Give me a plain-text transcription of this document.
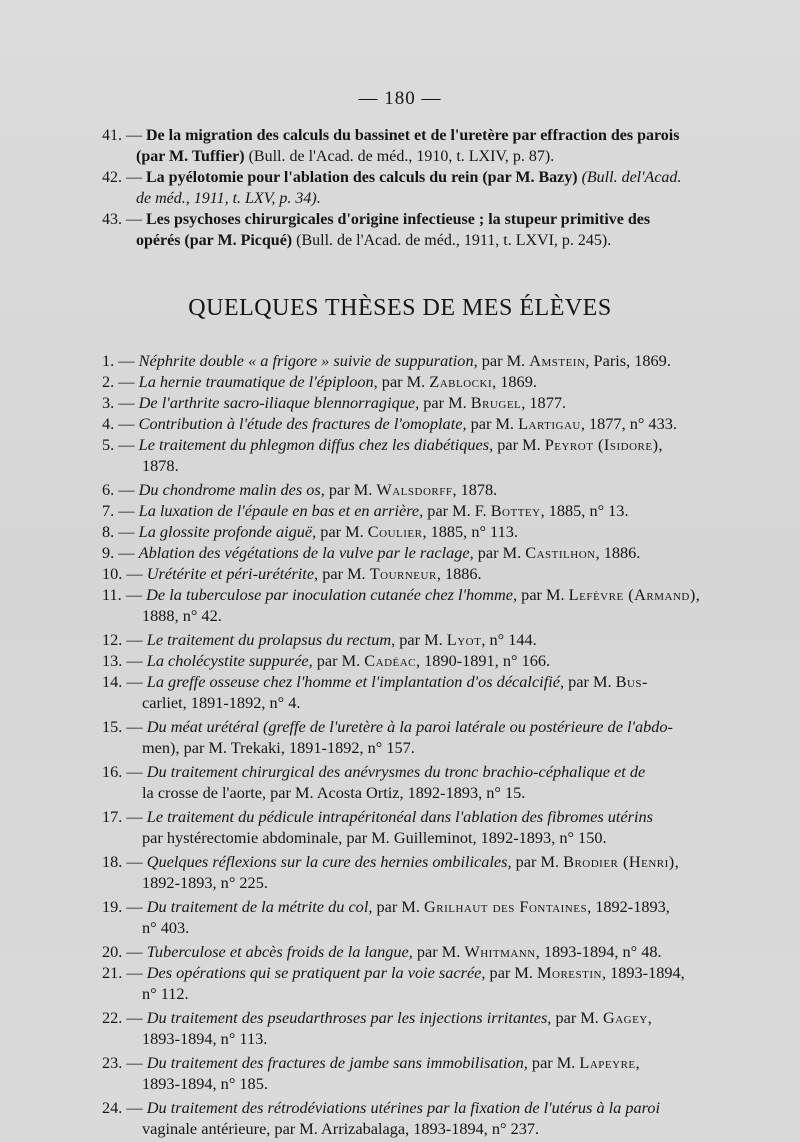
— 180 —
41. — De la migration des calculs du bassinet et de l'uretère par effraction des parois
(par M. Tuffier) (Bull. de l'Acad. de méd., 1910, t. LXIV, p. 87).
42. — La pyélotomie pour l'ablation des calculs du rein (par M. Bazy) (Bull. del'Acad.
de méd., 1911, t. LXV, p. 34).
43. — Les psychoses chirurgicales d'origine infectieuse ; la stupeur primitive des
opérés (par M. Picqué) (Bull. de l'Acad. de méd., 1911, t. LXVI, p. 245).
QUELQUES THÈSES DE MES ÉLÈVES
1. — Néphrite double « a frigore » suivie de suppuration, par M. Amstein, Paris, 1869.
2. — La hernie traumatique de l'épiploon, par M. Zablocki, 1869.
3. — De l'arthrite sacro-iliaque blennorragique, par M. Brugel, 1877.
4. — Contribution à l'étude des fractures de l'omoplate, par M. Lartigau, 1877, n° 433.
5. — Le traitement du phlegmon diffus chez les diabétiques, par M. Peyrot (Isidore),
1878.
6. — Du chondrome malin des os, par M. Walsdorff, 1878.
7. — La luxation de l'épaule en bas et en arrière, par M. F. Bottey, 1885, n° 13.
8. — La glossite profonde aiguë, par M. Coulier, 1885, n° 113.
9. — Ablation des végétations de la vulve par le raclage, par M. Castilhon, 1886.
10. — Urétérite et péri-urétérite, par M. Tourneur, 1886.
11. — De la tuberculose par inoculation cutanée chez l'homme, par M. Lefèvre (Armand),
1888, n° 42.
12. — Le traitement du prolapsus du rectum, par M. Lyot, n° 144.
13. — La cholécystite suppurée, par M. Cadéac, 1890-1891, n° 166.
14. — La greffe osseuse chez l'homme et l'implantation d'os décalcifié, par M. Bus-
carliet, 1891-1892, n° 4.
15. — Du méat urétéral (greffe de l'uretère à la paroi latérale ou postérieure de l'abdo-
men), par M. Trekaki, 1891-1892, n° 157.
16. — Du traitement chirurgical des anévrysmes du tronc brachio-céphalique et de
la crosse de l'aorte, par M. Acosta Ortiz, 1892-1893, n° 15.
17. — Le traitement du pédicule intrapéritonéal dans l'ablation des fibromes utérins
par hystérectomie abdominale, par M. Guilleminot, 1892-1893, n° 150.
18. — Quelques réflexions sur la cure des hernies ombilicales, par M. Brodier (Henri),
1892-1893, n° 225.
19. — Du traitement de la métrite du col, par M. Grilhaut des Fontaines, 1892-1893,
n° 403.
20. — Tuberculose et abcès froids de la langue, par M. Whitmann, 1893-1894, n° 48.
21. — Des opérations qui se pratiquent par la voie sacrée, par M. Morestin, 1893-1894,
n° 112.
22. — Du traitement des pseudarthroses par les injections irritantes, par M. Gagey,
1893-1894, n° 113.
23. — Du traitement des fractures de jambe sans immobilisation, par M. Lapeyre,
1893-1894, n° 185.
24. — Du traitement des rétrodéviations utérines par la fixation de l'utérus à la paroi
vaginale antérieure, par M. Arrizabalaga, 1893-1894, n° 237.
